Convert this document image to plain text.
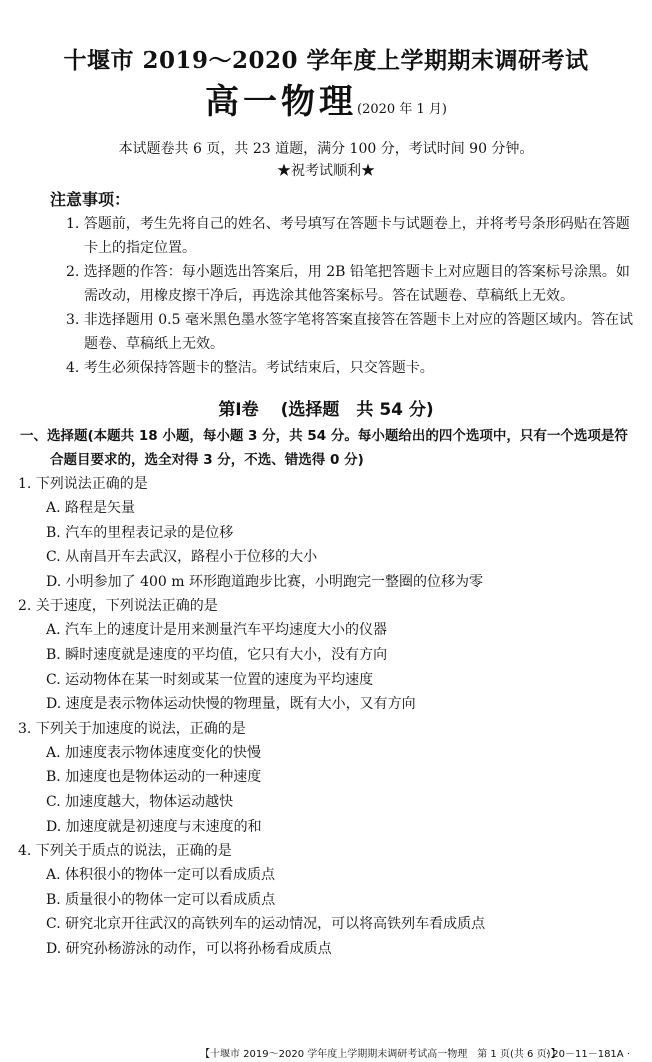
十堰市 2019～2020 学年度上学期期末调研考试
高一物理(2020 年 1 月)
本试题卷共 6 页，共 23 道题，满分 100 分，考试时间 90 分钟。
★祝考试顺利★
注意事项：
1. 答题前，考生先将自己的姓名、考号填写在答题卡与试题卷上，并将考号条形码贴在答题卡上的指定位置。
2. 选择题的作答：每小题选出答案后，用 2B 铅笔把答题卡上对应题目的答案标号涂黑。如需改动，用橡皮擦干净后，再选涂其他答案标号。答在试题卷、草稿纸上无效。
3. 非选择题用 0.5 毫米黑色墨水签字笔将答案直接答在答题卡上对应的答题区域内。答在试题卷、草稿纸上无效。
4. 考生必须保持答题卡的整洁。考试结束后，只交答题卡。
第Ⅰ卷 (选择题　共 54 分)
一、选择题(本题共 18 小题，每小题 3 分，共 54 分。每小题给出的四个选项中，只有一个选项是符合题目要求的，选全对得 3 分，不选、错选得 0 分)
1. 下列说法正确的是
A. 路程是矢量
B. 汽车的里程表记录的是位移
C. 从南昌开车去武汉，路程小于位移的大小
D. 小明参加了 400 m 环形跑道跑步比赛，小明跑完一整圈的位移为零
2. 关于速度，下列说法正确的是
A. 汽车上的速度计是用来测量汽车平均速度大小的仪器
B. 瞬时速度就是速度的平均值，它只有大小，没有方向
C. 运动物体在某一时刻或某一位置的速度为平均速度
D. 速度是表示物体运动快慢的物理量，既有大小，又有方向
3. 下列关于加速度的说法，正确的是
A. 加速度表示物体速度变化的快慢
B. 加速度也是物体运动的一种速度
C. 加速度越大，物体运动越快
D. 加速度就是初速度与末速度的和
4. 下列关于质点的说法，正确的是
A. 体积很小的物体一定可以看成质点
B. 质量很小的物体一定可以看成质点
C. 研究北京开往武汉的高铁列车的运动情况，可以将高铁列车看成质点
D. 研究孙杨游泳的动作，可以将孙杨看成质点
【十堰市 2019～2020 学年度上学期期末调研考试高一物理　第 1 页(共 6 页)】
· 20－11－181A ·
